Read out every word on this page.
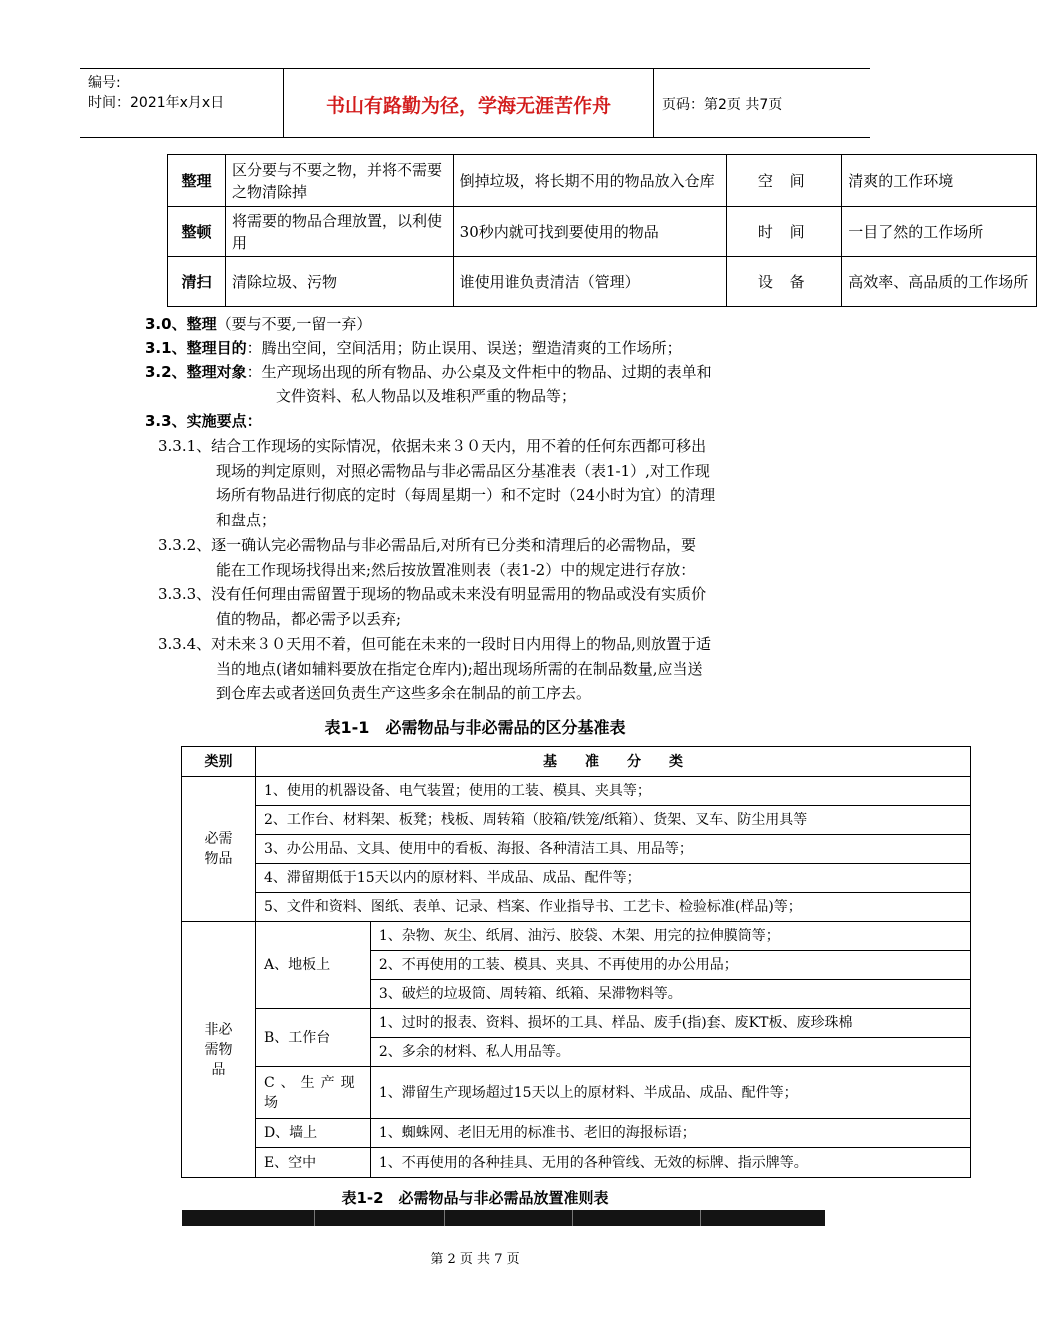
编号:
时间：2021年x月x日	书山有路勤为径，学海无涯苦作舟	页码：第2页 共7页
整理	区分要与不要之物，并将不需要之物清除掉	倒掉垃圾，将长期不用的物品放入仓库	空 间	清爽的工作环境
整顿	将需要的物品合理放置，以利使用	30秒内就可找到要使用的物品	时 间	一目了然的工作场所
清扫	清除垃圾、污物	谁使用谁负责清洁（管理）	设 备	高效率、高品质的工作场所
3.0、整理（要与不要,一留一弃）
3.1、整理目的：腾出空间，空间活用；防止误用、误送；塑造清爽的工作场所；
3.2、整理对象：生产现场出现的所有物品、办公桌及文件柜中的物品、过期的表单和
文件资料、私人物品以及堆积严重的物品等；
3.3、实施要点：
3.3.1、结合工作现场的实际情况，依据未来３０天内，用不着的任何东西都可移出
现场的判定原则，对照必需物品与非必需品区分基准表（表1-1）,对工作现
场所有物品进行彻底的定时（每周星期一）和不定时（24小时为宜）的清理
和盘点；
3.3.2、逐一确认完必需物品与非必需品后,对所有已分类和清理后的必需物品，要
能在工作现场找得出来;然后按放置准则表（表1-2）中的规定进行存放：
3.3.3、没有任何理由需留置于现场的物品或未来没有明显需用的物品或没有实质价
值的物品，都必需予以丢弃;
3.3.4、对未来３０天用不着，但可能在未来的一段时日内用得上的物品,则放置于适
当的地点(诸如辅料要放在指定仓库内);超出现场所需的在制品数量,应当送
到仓库去或者送回负责生产这些多余在制品的前工序去。
表1-1　必需物品与非必需品的区分基准表
类别	基　　准　　分　　类	

必需物品	1、使用的机器设备、电气装置；使用的工装、模具、夹具等；	
	2、工作台、材料架、板凳；栈板、周转箱（胶箱/铁笼/纸箱）、货架、叉车、防尘用具等	
	3、办公用品、文具、使用中的看板、海报、各种清洁工具、用品等；	
	4、滞留期低于15天以内的原材料、半成品、成品、配件等；	
	5、文件和资料、图纸、表单、记录、档案、作业指导书、工艺卡、检验标准(样品)等；	

非必需物品	A、地板上	1、杂物、灰尘、纸屑、油污、胶袋、木架、用完的拉伸膜筒等；
		2、不再使用的工装、模具、夹具、不再使用的办公用品；
		3、破烂的垃圾筒、周转箱、纸箱、呆滞物料等。
	B、工作台	1、过时的报表、资料、损坏的工具、样品、废手(指)套、废KT板、废珍珠棉
		2、多余的材料、私人用品等。
	C、生产现场	1、滞留生产现场超过15天以上的原材料、半成品、成品、配件等；
	D、墙上	1、蜘蛛网、老旧无用的标准书、老旧的海报标语；
	E、空中	1、不再使用的各种挂具、无用的各种管线、无效的标牌、指示牌等。
表1-2　必需物品与非必需品放置准则表
第 2 页 共 7 页
